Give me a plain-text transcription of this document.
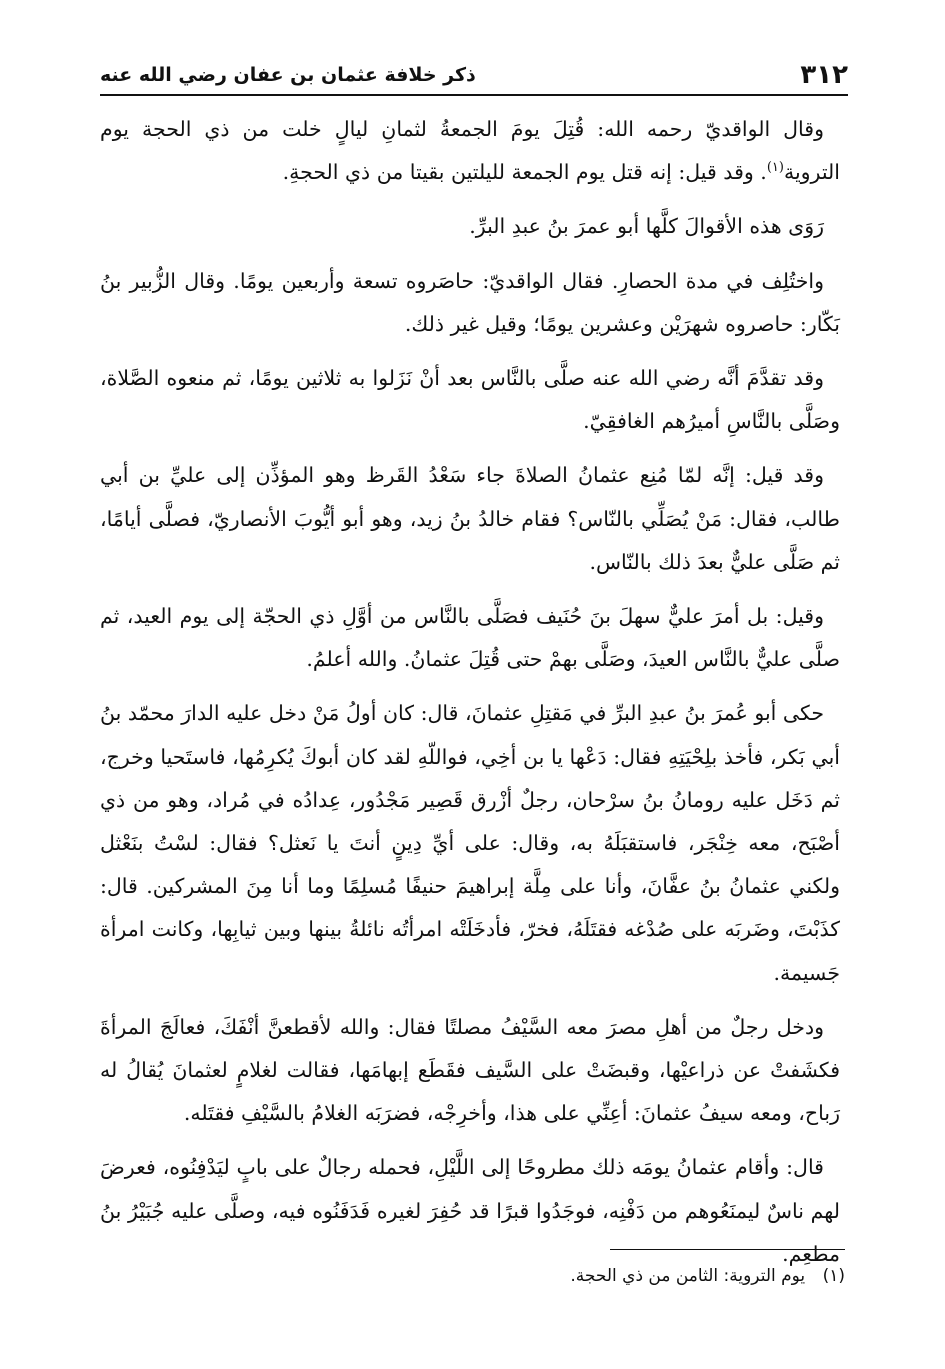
٣١٢
ذكر خلافة عثمان بن عفان رضي الله عنه

وقال الواقديّ رحمه الله: قُتِلَ يومَ الجمعةُ لثمانِ ليالٍ خلت من ذي الحجة يوم التروية$^{(١)}$. وقد قيل: إنه قتل يوم الجمعة لليلتين بقيتا من ذي الحجةِ.

رَوَى هذه الأقوالَ كلَّها أبو عمرَ بنُ عبدِ البرِّ.

واختُلِف في مدة الحصارِ. فقال الواقديّ: حاصَروه تسعة وأربعين يومًا. وقال الزُّبير بنُ بَكّار: حاصروه شهرَيْن وعشرين يومًا؛ وقيل غير ذلك.

وقد تقدَّمَ أنَّه رضي الله عنه صلَّى بالنَّاس بعد أنْ نَزَلوا به ثلاثين يومًا، ثم منعوه الصَّلاة، وصَلَّى بالنَّاسِ أميرُهم الغافقِيّ.

وقد قيل: إنَّه لمّا مُنِع عثمانُ الصلاةَ جاء سَعْدُ القَرظ وهو المؤذِّن إلى عليِّ بن أبي طالب، فقال: مَنْ يُصَلِّي بالنّاس؟ فقام خالدُ بنُ زيد، وهو أبو أيُّوبَ الأنصاريّ، فصلَّى أيامًا، ثم صَلَّى عليٌّ بعدَ ذلك بالنّاس.

وقيل: بل أمرَ عليٌّ سهلَ بنَ حُنَيف فصَلَّى بالنَّاس من أوَّلِ ذي الحجّة إلى يوم العيد، ثم صلَّى عليٌّ بالنَّاس العيدَ، وصَلَّى بهمْ حتى قُتِلَ عثمانُ. والله أعلمُ.

حكى أبو عُمرَ بنُ عبدِ البرِّ في مَقتِلِ عثمانَ، قال: كان أولُ مَنْ دخل عليه الدارَ محمّد بنُ أبي بَكر، فأخذ بلِحْيَتِهِ فقال: دَعْها يا بن أخِي، فواللّهِ لقد كان أبوكَ يُكرِمُها، فاستَحيا وخرج، ثم دَخَل عليه رومانُ بنُ سرْحان، رجلٌ أزْرق قَصِير مَجْدُور، عِدادُه في مُراد، وهو من ذي أصْبَح، معه خِنْجَر، فاستقبَلَهُ به، وقال: على أيِّ دِينٍ أنتَ يا نَعثل؟ فقال: لسْتُ بنَعْثل ولكني عثمانُ بنُ عفَّانَ، وأنا على مِلَّة إبراهيمَ حنيفًا مُسلِمًا وما أنا مِنَ المشركين. قال: كذَبْتَ، وضَربَه على صُدْغه فقتَلَهُ، فخرّ، فأدخَلَتْه امرأتُه نائلةُ بينها وبين ثيابِها، وكانت امرأة جَسيمة.

ودخل رجلٌ من أهلِ مصرَ معه السَّيْفُ مصلتًا فقال: والله لأقطعنَّ أنْفَكَ، فعالَجَ المرأةَ فكشَفتْ عن ذراعيْها، وقبضَتْ على السَّيف فقَطَع إبهامَها، فقالت لغلامٍ لعثمانَ يُقالُ له رَباح، ومعه سيفُ عثمانَ: أعِنِّي على هذا، وأخرِجْه، فضرَبَه الغلامُ بالسَّيْفِ فقتَله.

قال: وأقام عثمانُ يومَه ذلك مطروحًا إلى اللَّيْلِ، فحمله رجالٌ على بابٍ ليَدْفِنُوه، فعرضَ لهم ناسٌ ليمنَعُوهم من دَفْنِه، فوجَدُوا قبرًا قد حُفِرَ لغيره فَدَفَنُوه فيه، وصلَّى عليه جُبَيْرُ بنُ مطعِم.

(١) يوم التروية: الثامن من ذي الحجة.
